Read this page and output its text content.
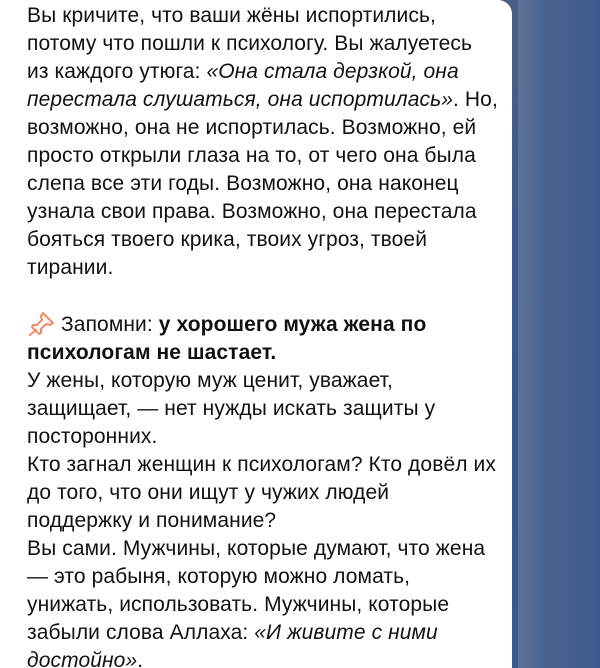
Вы кричите, что ваши жёны испортились, потому что пошли к психологу. Вы жалуетесь из каждого утюга: «Она стала дерзкой, она перестала слушаться, она испортилась». Но, возможно, она не испортилась. Возможно, ей просто открыли глаза на то, от чего она была слепа все эти годы. Возможно, она наконец узнала свои права. Возможно, она перестала бояться твоего крика, твоих угроз, твоей тирании.

Запомни: у хорошего мужа жена по психологам не шастает.

У жены, которую муж ценит, уважает, защищает, — нет нужды искать защиты у посторонних.

Кто загнал женщин к психологам? Кто довёл их до того, что они ищут у чужих людей поддержку и понимание?

Вы сами. Мужчины, которые думают, что жена — это рабыня, которую можно ломать, унижать, использовать. Мужчины, которые забыли слова Аллаха: «И живите с ними достойно».
